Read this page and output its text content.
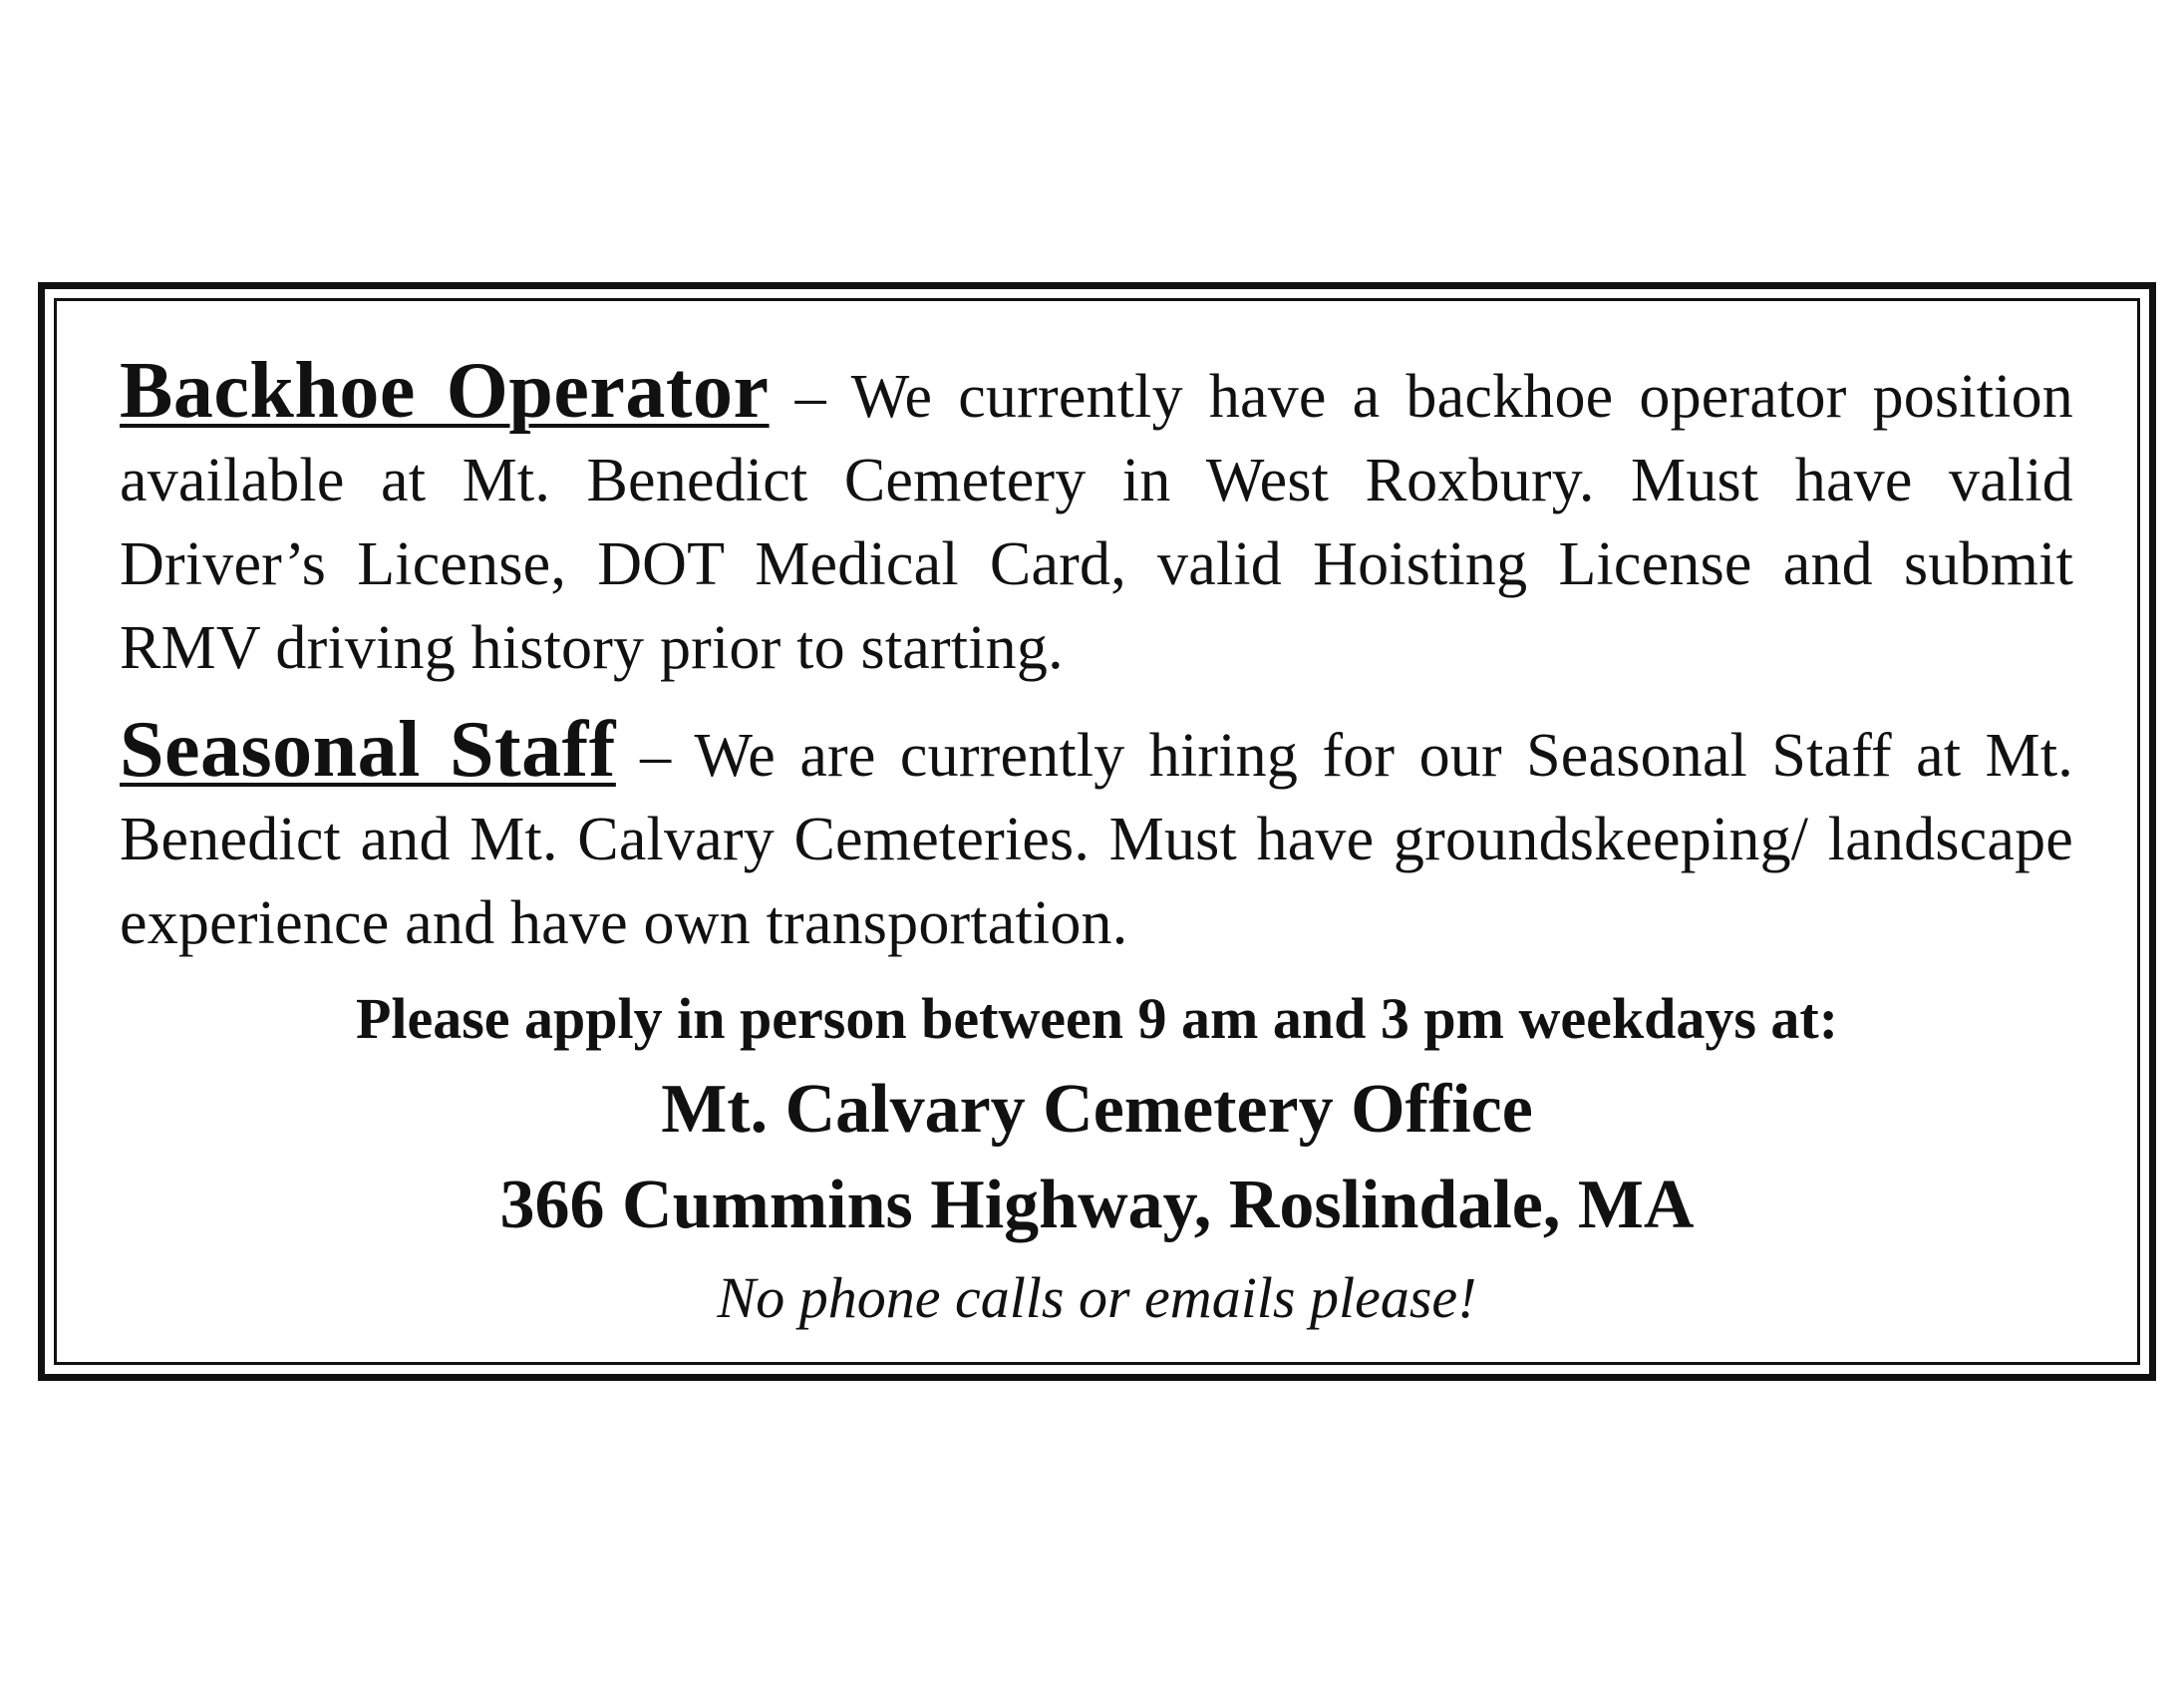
Backhoe Operator – We currently have a backhoe operator position available at Mt. Benedict Cemetery in West Roxbury. Must have valid Driver’s License, DOT Medical Card, valid Hoisting License and submit RMV driving history prior to starting.

Seasonal Staff – We are currently hiring for our Seasonal Staff at Mt. Benedict and Mt. Calvary Cemeteries. Must have groundskeeping/ landscape experience and have own transportation.

Please apply in person between 9 am and 3 pm weekdays at:

Mt. Calvary Cemetery Office

366 Cummins Highway, Roslindale, MA

No phone calls or emails please!
